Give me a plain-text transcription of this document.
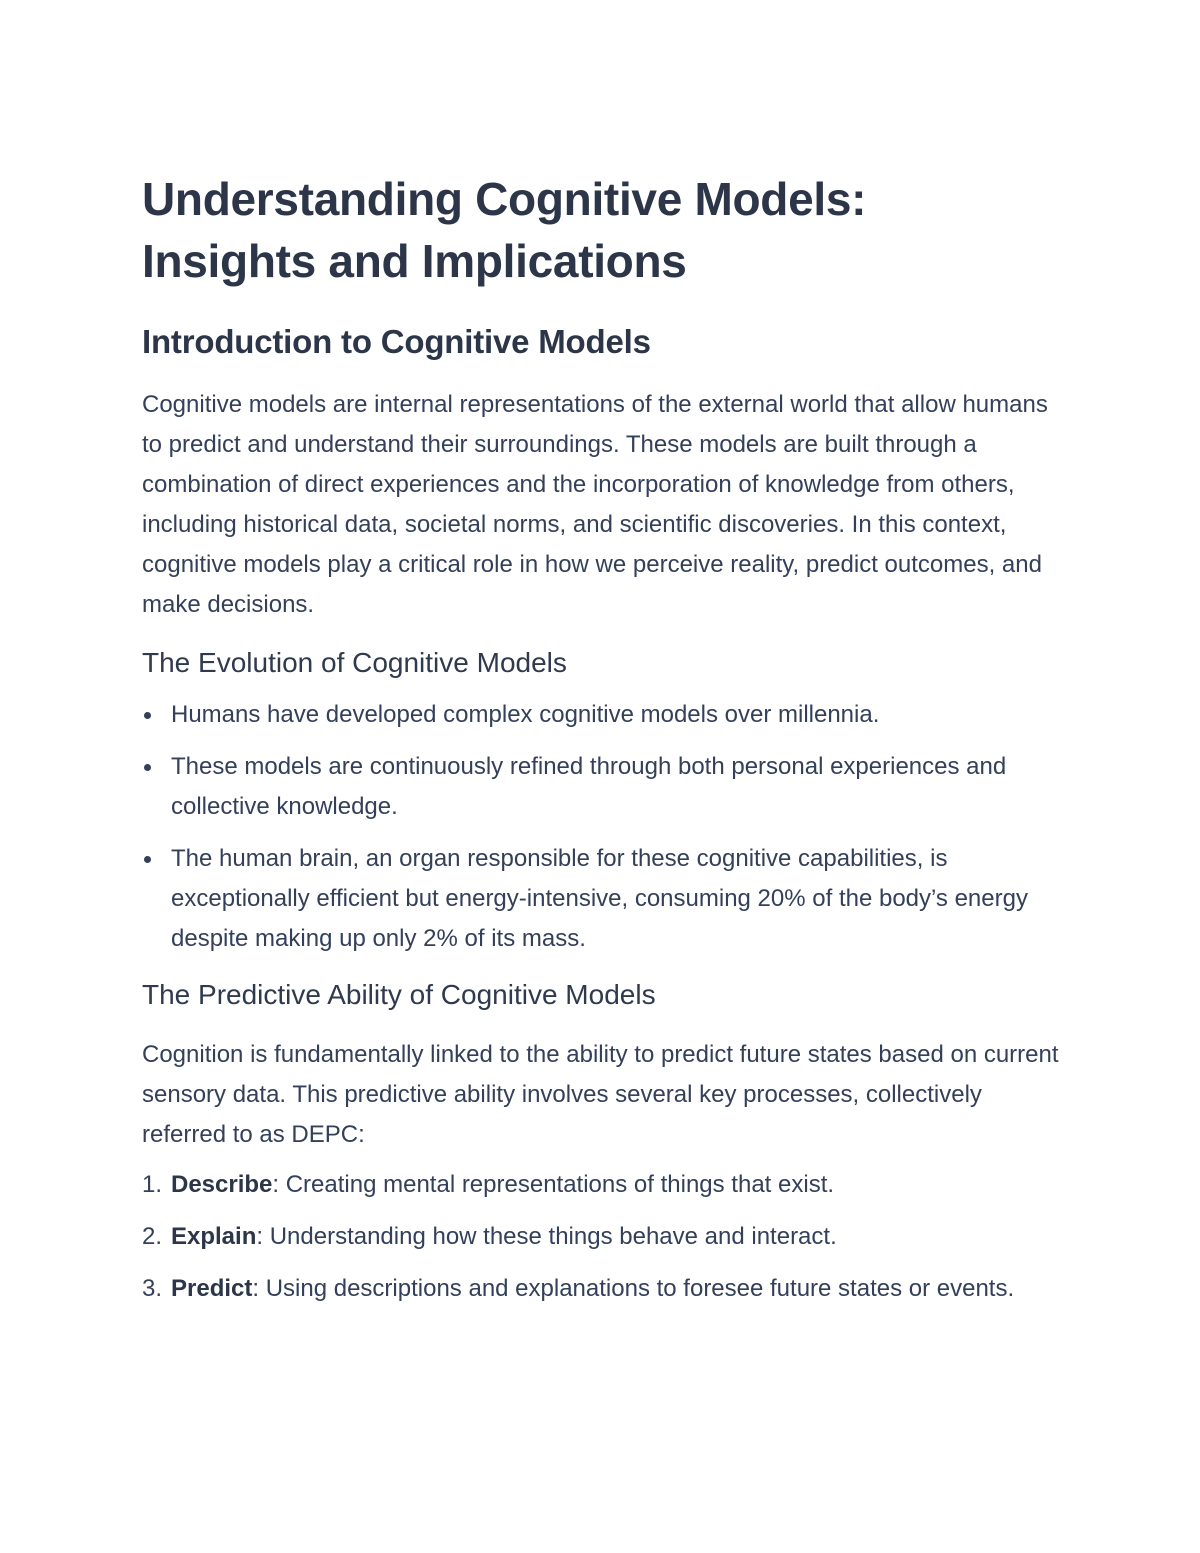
Understanding Cognitive Models:
Insights and Implications
Introduction to Cognitive Models

Cognitive models are internal representations of the external world that allow humans to predict and understand their surroundings. These models are built through a combination of direct experiences and the incorporation of knowledge from others, including historical data, societal norms, and scientific discoveries. In this context, cognitive models play a critical role in how we perceive reality, predict outcomes, and make decisions.

The Evolution of Cognitive Models
Humans have developed complex cognitive models over millennia.
These models are continuously refined through both personal experiences and collective knowledge.
The human brain, an organ responsible for these cognitive capabilities, is exceptionally efficient but energy-intensive, consuming 20% of the body’s energy despite making up only 2% of its mass.
The Predictive Ability of Cognitive Models

Cognition is fundamentally linked to the ability to predict future states based on current sensory data. This predictive ability involves several key processes, collectively referred to as DEPC:

1. Describe: Creating mental representations of things that exist.
2. Explain: Understanding how these things behave and interact.
3. Predict: Using descriptions and explanations to foresee future states or events.
